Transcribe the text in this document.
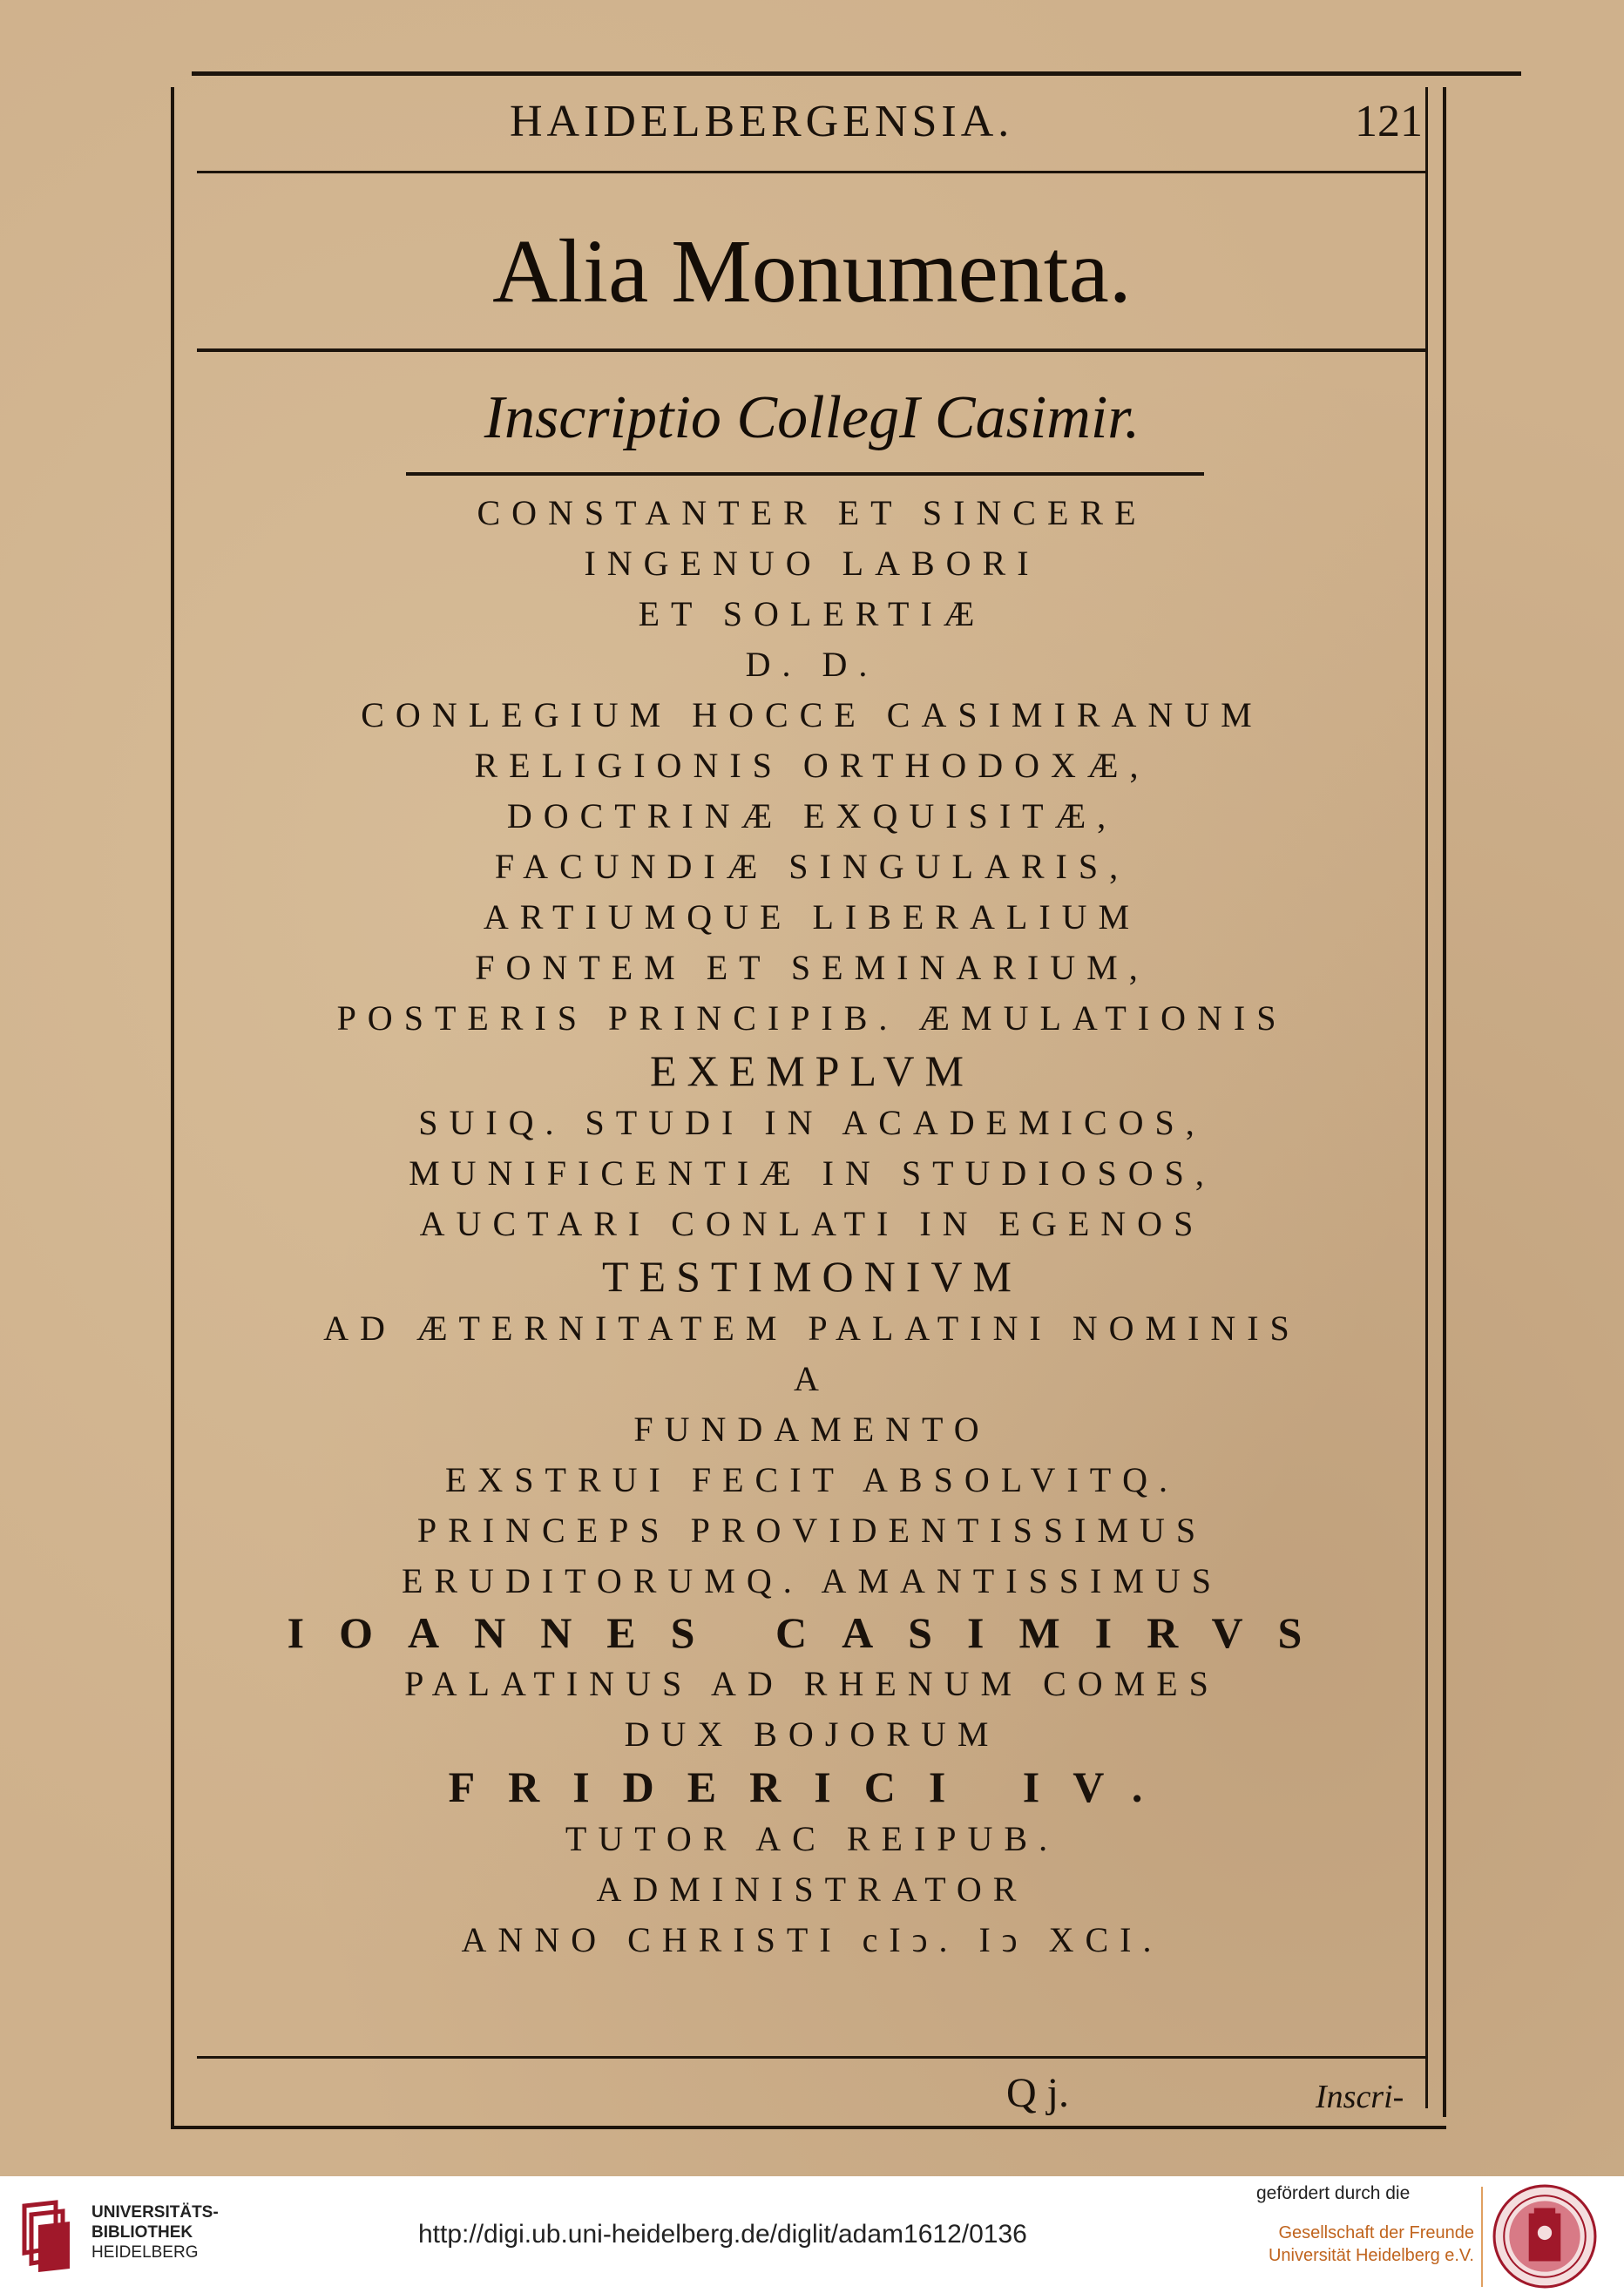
HAIDELBERGENSIA.	121
Alia Monumenta.
Inscriptio CollegI Casimir.
CONSTANTER ET SINCERE
INGENUO LABORI
ET SOLERTIÆ
D. D.
CONLEGIUM HOCCE CASIMIRANUM
RELIGIONIS ORTHODOXÆ,
DOCTRINÆ EXQUISITÆ,
FACUNDIÆ SINGULARIS,
ARTIUMQUE LIBERALIUM
FONTEM ET SEMINARIUM,
POSTERIS PRINCIPIB. ÆMULATIONIS
EXEMPLVM
SUIQ. STUDI IN ACADEMICOS,
MUNIFICENTIÆ IN STUDIOSOS,
AUCTARI CONLATI IN EGENOS
TESTIMONIVM
AD ÆTERNITATEM PALATINI NOMINIS
A
FUNDAMENTO
EXSTRUI FECIT ABSOLVITQ.
PRINCEPS PROVIDENTISSIMUS
ERUDITORUMQ. AMANTISSIMUS
IOANNES CASIMIRVS
PALATINUS AD RHENUM COMES
DUX BOJORUM
FRIDERICI IV.
TUTOR AC REIPUB.
ADMINISTRATOR
ANNO CHRISTI cIↄ. Iↄ XCI.
Q j.	Inscri-
UNIVERSITÄTS-
BIBLIOTHEK
HEIDELBERG
http://digi.ub.uni-heidelberg.de/diglit/adam1612/0136
gefördert durch die
Gesellschaft der Freunde
Universität Heidelberg e.V.
